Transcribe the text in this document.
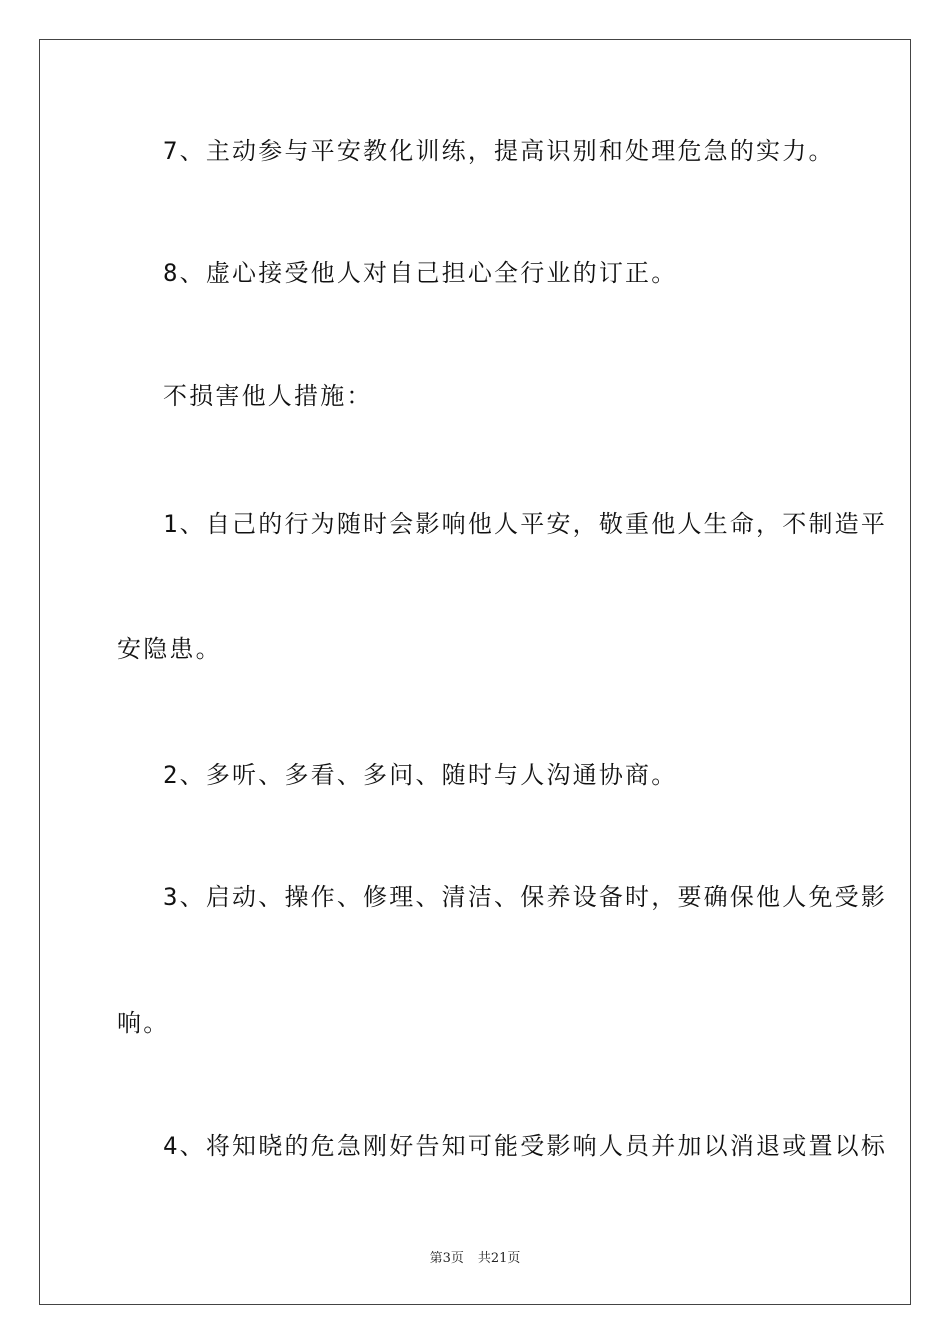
7、主动参与平安教化训练，提高识别和处理危急的实力。
8、虚心接受他人对自己担心全行业的订正。
不损害他人措施：
1、自己的行为随时会影响他人平安，敬重他人生命，不制造平
安隐患。
2、多听、多看、多问、随时与人沟通协商。
3、启动、操作、修理、清洁、保养设备时，要确保他人免受影
响。
4、将知晓的危急刚好告知可能受影响人员并加以消退或置以标
第3页 共21页
